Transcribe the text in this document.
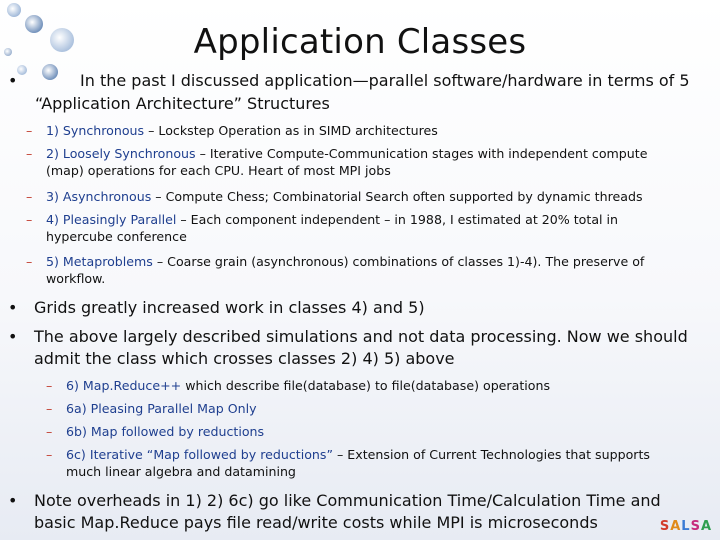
Application Classes
•	In the past I discussed application—parallel software/hardware in terms of 5
“Application Architecture” Structures
– 1) Synchronous – Lockstep Operation as in SIMD architectures
– 2) Loosely Synchronous – Iterative Compute-Communication stages with independent compute
(map) operations for each CPU. Heart of most MPI jobs
– 3) Asynchronous – Compute Chess; Combinatorial Search often supported by dynamic threads
– 4) Pleasingly Parallel – Each component independent – in 1988, I estimated at 20% total in
hypercube conference
– 5) Metaproblems – Coarse grain (asynchronous) combinations of classes 1)-4). The preserve of
workflow.
• Grids greatly increased work in classes 4) and 5)
• The above largely described simulations and not data processing. Now we should
admit the class which crosses classes 2) 4) 5) above
– 6) Map.Reduce++ which describe file(database) to file(database) operations
– 6a) Pleasing Parallel Map Only
– 6b) Map followed by reductions
– 6c) Iterative “Map followed by reductions” – Extension of Current Technologies that supports
much linear algebra and datamining
• Note overheads in 1) 2) 6c) go like Communication Time/Calculation Time and
basic Map.Reduce pays file read/write costs while MPI is microseconds	SALSA
